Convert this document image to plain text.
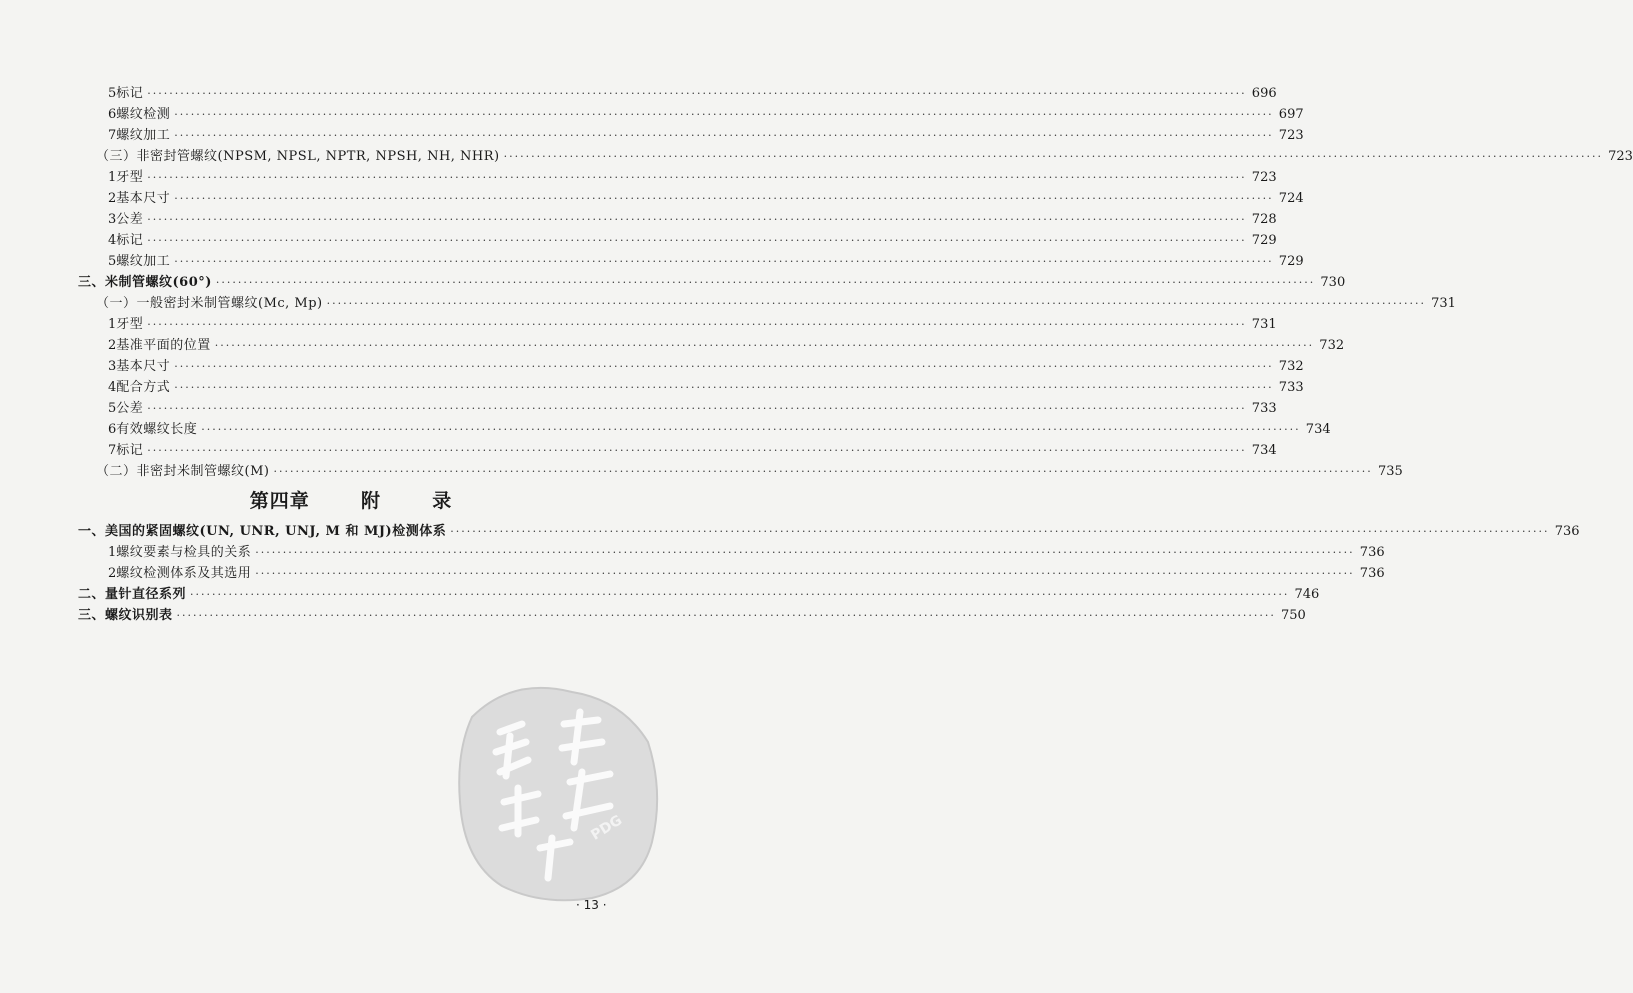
5 标记 ········································································································································································································ 696
6 螺纹检测 ········································································································································································································ 697
7 螺纹加工 ········································································································································································································ 723
（三）非密封管螺纹(NPSM, NPSL, NPTR, NPSH, NH, NHR) ········································································································································································································ 723
1 牙型 ········································································································································································································ 723
2 基本尺寸 ········································································································································································································ 724
3 公差 ········································································································································································································ 728
4 标记 ········································································································································································································ 729
5 螺纹加工 ········································································································································································································ 729
三、米制管螺纹(60°) ········································································································································································································ 730
（一）一般密封米制管螺纹(Mc, Mp) ········································································································································································································ 731
1 牙型 ········································································································································································································ 731
2 基准平面的位置 ········································································································································································································ 732
3 基本尺寸 ········································································································································································································ 732
4 配合方式 ········································································································································································································ 733
5 公差 ········································································································································································································ 733
6 有效螺纹长度 ········································································································································································································ 734
7 标记 ········································································································································································································ 734
（二）非密封米制管螺纹(M) ········································································································································································································ 735
第四章	附	录
一、美国的紧固螺纹(UN, UNR, UNJ, M 和 MJ)检测体系 ········································································································································································································ 736
1 螺纹要素与检具的关系 ········································································································································································································ 736
2 螺纹检测体系及其选用 ········································································································································································································ 736
二、量针直径系列 ········································································································································································································ 746
三、螺纹识别表 ········································································································································································································ 750
PDG
· 13 ·
